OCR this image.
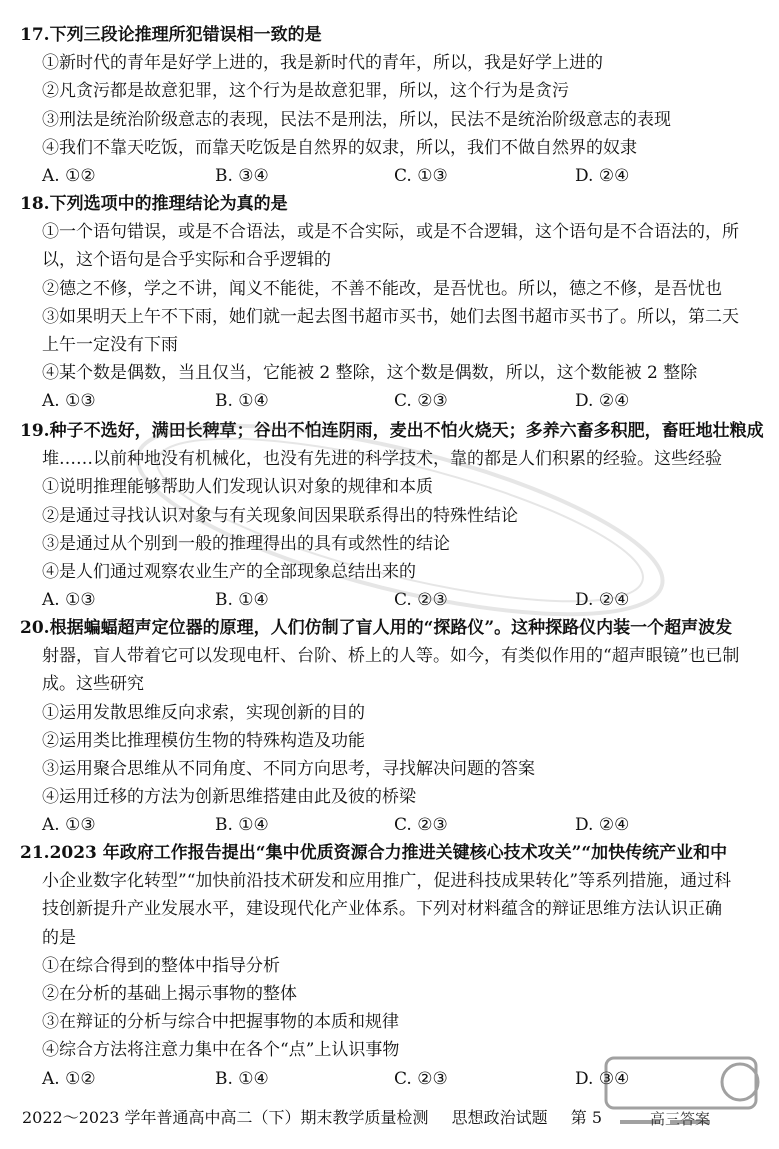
17.下列三段论推理所犯错误相一致的是
①新时代的青年是好学上进的，我是新时代的青年，所以，我是好学上进的
②凡贪污都是故意犯罪，这个行为是故意犯罪，所以，这个行为是贪污
③刑法是统治阶级意志的表现，民法不是刑法，所以，民法不是统治阶级意志的表现
④我们不靠天吃饭，而靠天吃饭是自然界的奴隶，所以，我们不做自然界的奴隶
A. ①②	B. ③④	C. ①③	D. ②④
18.下列选项中的推理结论为真的是
①一个语句错误，或是不合语法，或是不合实际，或是不合逻辑，这个语句是不合语法的，所
以，这个语句是合乎实际和合乎逻辑的
②德之不修，学之不讲，闻义不能徙，不善不能改，是吾忧也。所以，德之不修，是吾忧也
③如果明天上午不下雨，她们就一起去图书超市买书，她们去图书超市买书了。所以，第二天
上午一定没有下雨
④某个数是偶数，当且仅当，它能被 2 整除，这个数是偶数，所以，这个数能被 2 整除
A. ①③	B. ①④	C. ②③	D. ②④
19.种子不选好，满田长稗草；谷出不怕连阴雨，麦出不怕火烧天；多养六畜多积肥，畜旺地壮粮成
堆……以前种地没有机械化，也没有先进的科学技术，靠的都是人们积累的经验。这些经验
①说明推理能够帮助人们发现认识对象的规律和本质
②是通过寻找认识对象与有关现象间因果联系得出的特殊性结论
③是通过从个别到一般的推理得出的具有或然性的结论
④是人们通过观察农业生产的全部现象总结出来的
A. ①③	B. ①④	C. ②③	D. ②④
20.根据蝙蝠超声定位器的原理，人们仿制了盲人用的“探路仪”。这种探路仪内装一个超声波发
射器，盲人带着它可以发现电杆、台阶、桥上的人等。如今，有类似作用的“超声眼镜”也已制
成。这些研究
①运用发散思维反向求索，实现创新的目的
②运用类比推理模仿生物的特殊构造及功能
③运用聚合思维从不同角度、不同方向思考，寻找解决问题的答案
④运用迁移的方法为创新思维搭建由此及彼的桥梁
A. ①③	B. ①④	C. ②③	D. ②④
21.2023 年政府工作报告提出“集中优质资源合力推进关键核心技术攻关”“加快传统产业和中
小企业数字化转型”“加快前沿技术研发和应用推广，促进科技成果转化”等系列措施，通过科
技创新提升产业发展水平，建设现代化产业体系。下列对材料蕴含的辩证思维方法认识正确
的是
①在综合得到的整体中指导分析
②在分析的基础上揭示事物的整体
③在辩证的分析与综合中把握事物的本质和规律
④综合方法将注意力集中在各个“点”上认识事物
A. ①②	B. ①④	C. ②③	D. ③④
2022～2023 学年普通高中高二（下）期末教学质量检测 思想政治试题 第 5	高三答案
